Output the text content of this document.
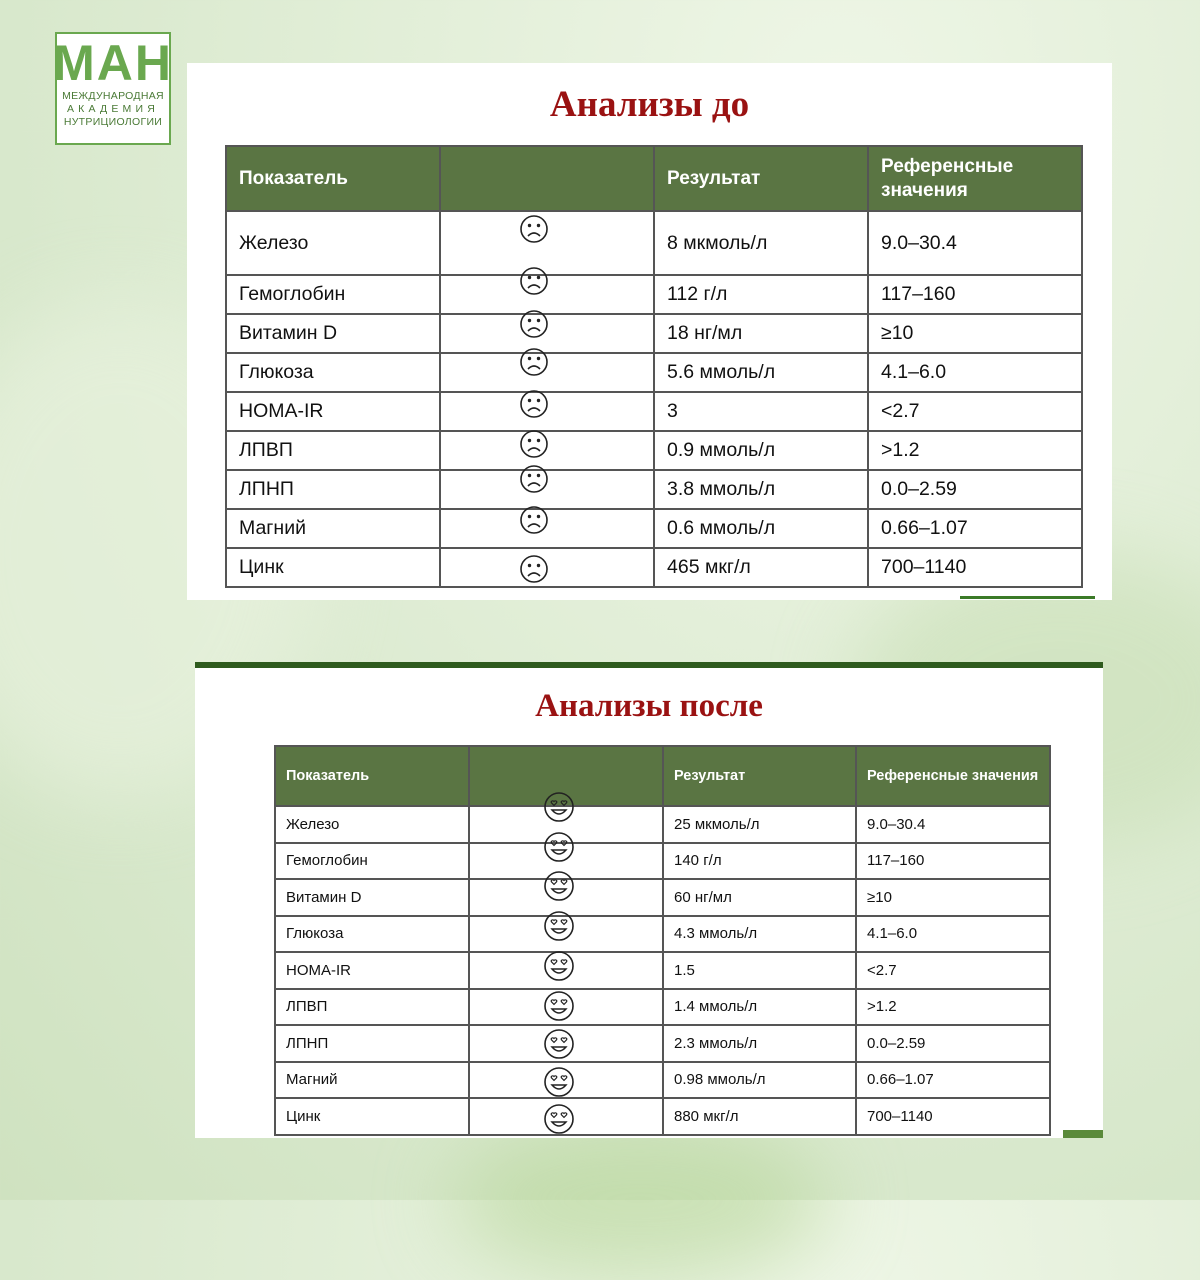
МАН
МЕЖДУНАРОДНАЯ
АКАДЕМИЯ
НУТРИЦИОЛОГИИ	Анализы до
Показатель		Результат	Референсные значения
Железо		8 мкмоль/л	9.0–30.4
Гемоглобин		112 г/л	117–160
Витамин D		18 нг/мл	≥10
Глюкоза		5.6 ммоль/л	4.1–6.0
HOMA-IR		3	<2.7
ЛПВП		0.9 ммоль/л	>1.2
ЛПНП		3.8 ммоль/л	0.0–2.59
Магний		0.6 ммоль/л	0.66–1.07
Цинк		465 мкг/л	700–1140
Анализы после
Показатель		Результат	Референсные значения
Железо		25 мкмоль/л	9.0–30.4
Гемоглобин		140 г/л	117–160
Витамин D		60 нг/мл	≥10
Глюкоза		4.3 ммоль/л	4.1–6.0
HOMA-IR		1.5	<2.7
ЛПВП		1.4 ммоль/л	>1.2
ЛПНП		2.3 ммоль/л	0.0–2.59
Магний		0.98 ммоль/л	0.66–1.07
Цинк		880 мкг/л	700–1140
